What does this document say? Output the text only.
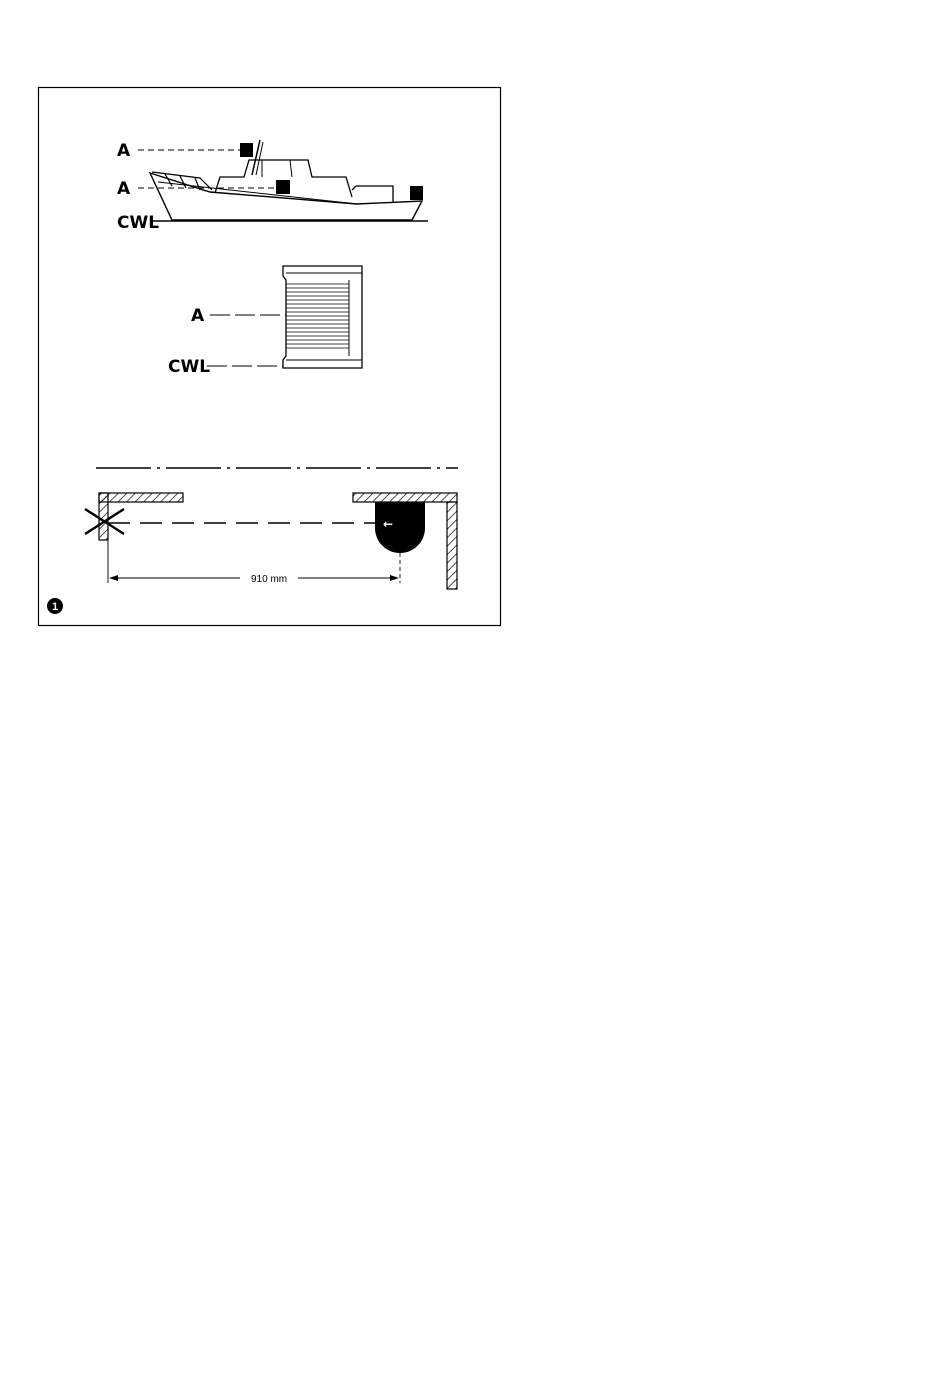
A
A
CWL
A
CWL
←
910 mm
1
